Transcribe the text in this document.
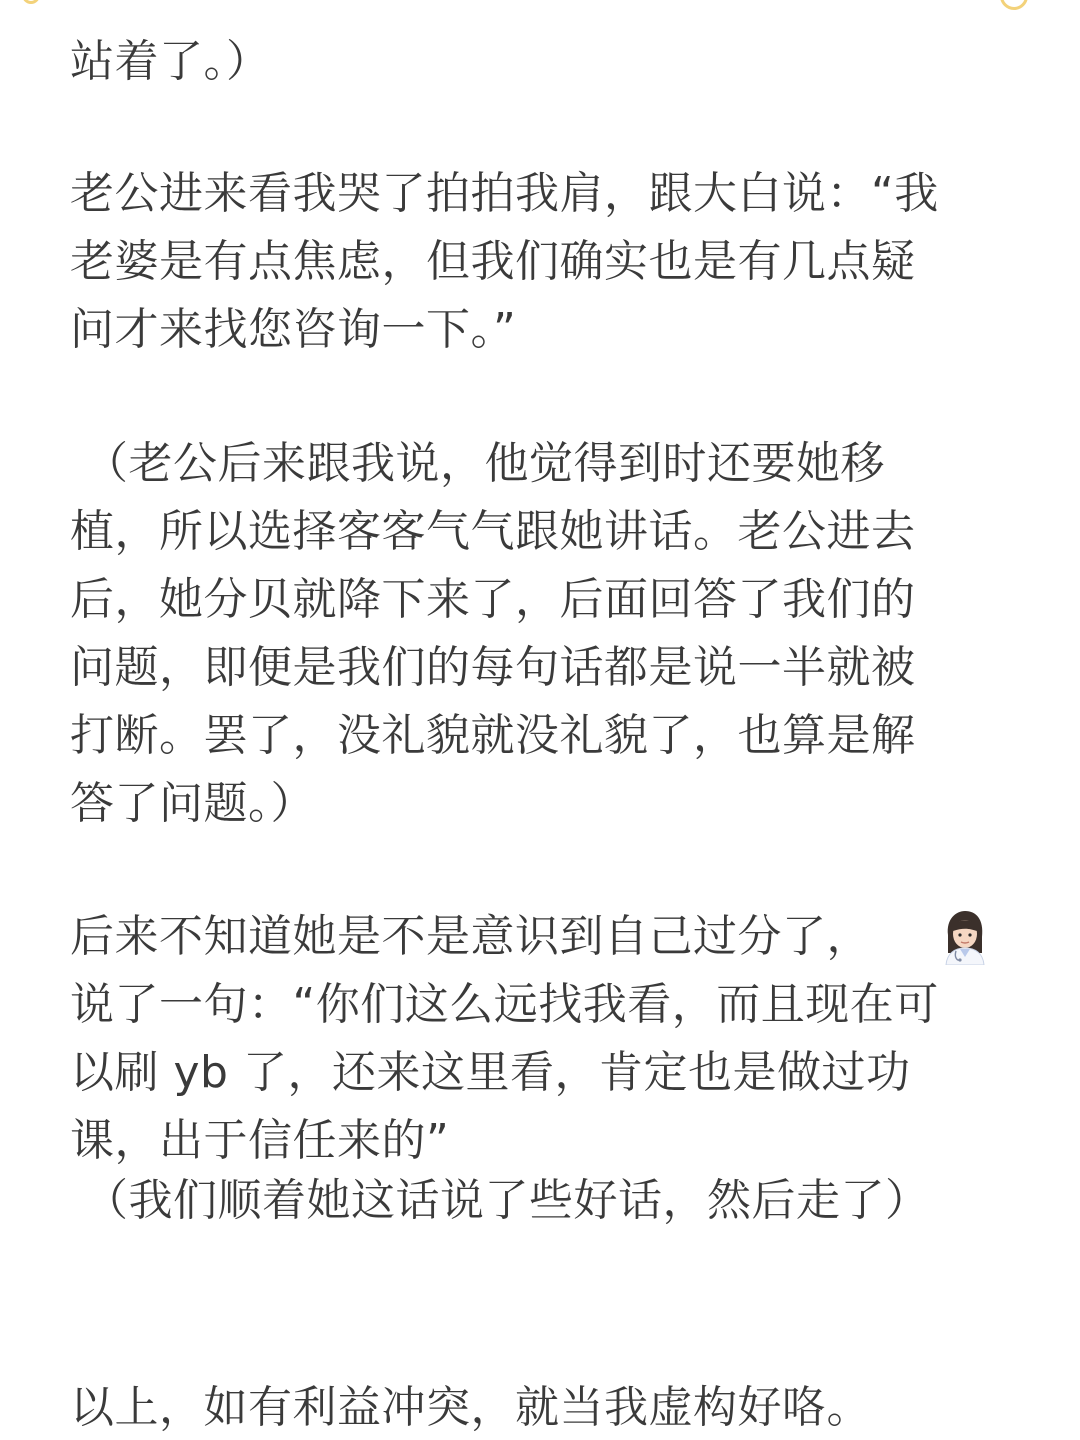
站着了。）
老公进来看我哭了拍拍我肩，跟大白说：“我
老婆是有点焦虑，但我们确实也是有几点疑
问才来找您咨询一下。”
（老公后来跟我说，他觉得到时还要她移
植，所以选择客客气气跟她讲话。老公进去
后，她分贝就降下来了，后面回答了我们的
问题，即便是我们的每句话都是说一半就被
打断。罢了，没礼貌就没礼貌了，也算是解
答了问题。）
后来不知道她是不是意识到自己过分了，
说了一句：“你们这么远找我看，而且现在可
以刷 yb 了，还来这里看，肯定也是做过功
课，出于信任来的”
（我们顺着她这话说了些好话，然后走了）
以上，如有利益冲突，就当我虚构好咯。
